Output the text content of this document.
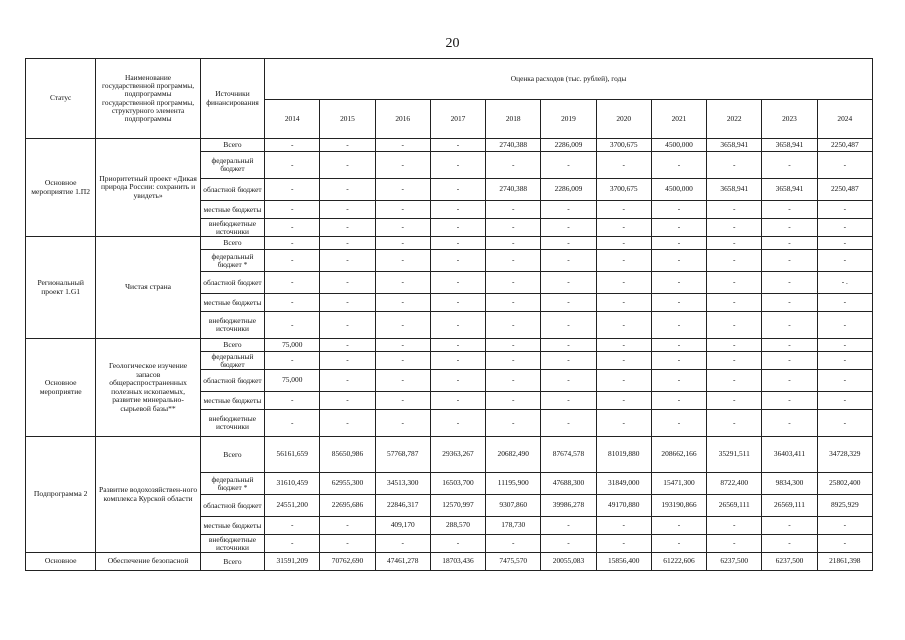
20
Статус	Наименование государственной программы, подпрограммы государственной программы, структурного элемента подпрограммы	Источники финансирования	Оценка расходов (тыс. рублей), годы										
			2014	2015	2016	2017	2018	2019	2020	2021	2022	2023	2024
Основное мероприятие 1.П2	Приоритетный проект «Дикая природа России: сохранить и увидеть»	Всего	-	-	-	-	2740,388	2286,009	3700,675	4500,000	3658,941	3658,941	2250,487
		федеральный бюджет	-	-	-	-	-	-	-	-	-	-	-
		областной бюджет	-	-	-	-	2740,388	2286,009	3700,675	4500,000	3658,941	3658,941	2250,487
		местные бюджеты	-	-	-	-	-	-	-	-	-	-	-
		внебюджетные источники	-	-	-	-	-	-	-	-	-	-	-
Региональный проект 1.G1	Чистая страна	Всего	-	-	-	-	-	-	-	-	-	-	-
		федеральный бюджет *	-	-	-	-	-	-	-	-	-	-	-
		областной бюджет	-	-	-	-	-	-	-	-	-	-	- .
		местные бюджеты	-	-	-	-	-	-	-	-	-	-	-
		внебюджетные источники	-	-	-	-	-	-	-	-	-	-	-
Основное мероприятие	Геологическое изучение запасов общераспространенных полезных ископаемых, развитие минерально-сырьевой базы**	Всего	75,000	-	-	-	-	-	-	-	-	-	-
		федеральный бюджет	-	-	-	-	-	-	-	-	-	-	-
		областной бюджет	75,000	-	-	-	-	-	-	-	-	-	-
		местные бюджеты	-	-	-	-	-	-	-	-	-	-	-
		внебюджетные источники	-	-	-	-	-	-	-	-	-	-	-
Подпрограмма 2	Развитие водохозяйствен-ного комплекса Курской области	Всего	56161,659	85650,986	57768,787	29363,267	20682,490	87674,578	81019,880	208662,166	35291,511	36403,411	34728,329
		федеральный бюджет *	31610,459	62955,300	34513,300	16503,700	11195,900	47688,300	31849,000	15471,300	8722,400	9834,300	25802,400
		областной бюджет	24551,200	22695,686	22846,317	12570,997	9307,860	39986,278	49170,880	193190,866	26569,111	26569,111	8925,929
		местные бюджеты	-	-	409,170	288,570	178,730	-	-	-	-	-	-
		внебюджетные источники	-	-	-	-	-	-	-	-	-	-	-
Основное	Обеспечение безопасной	Всего	31591,209	70762,690	47461,278	18703,436	7475,570	20055,083	15856,400	61222,606	6237,500	6237,500	21861,398
